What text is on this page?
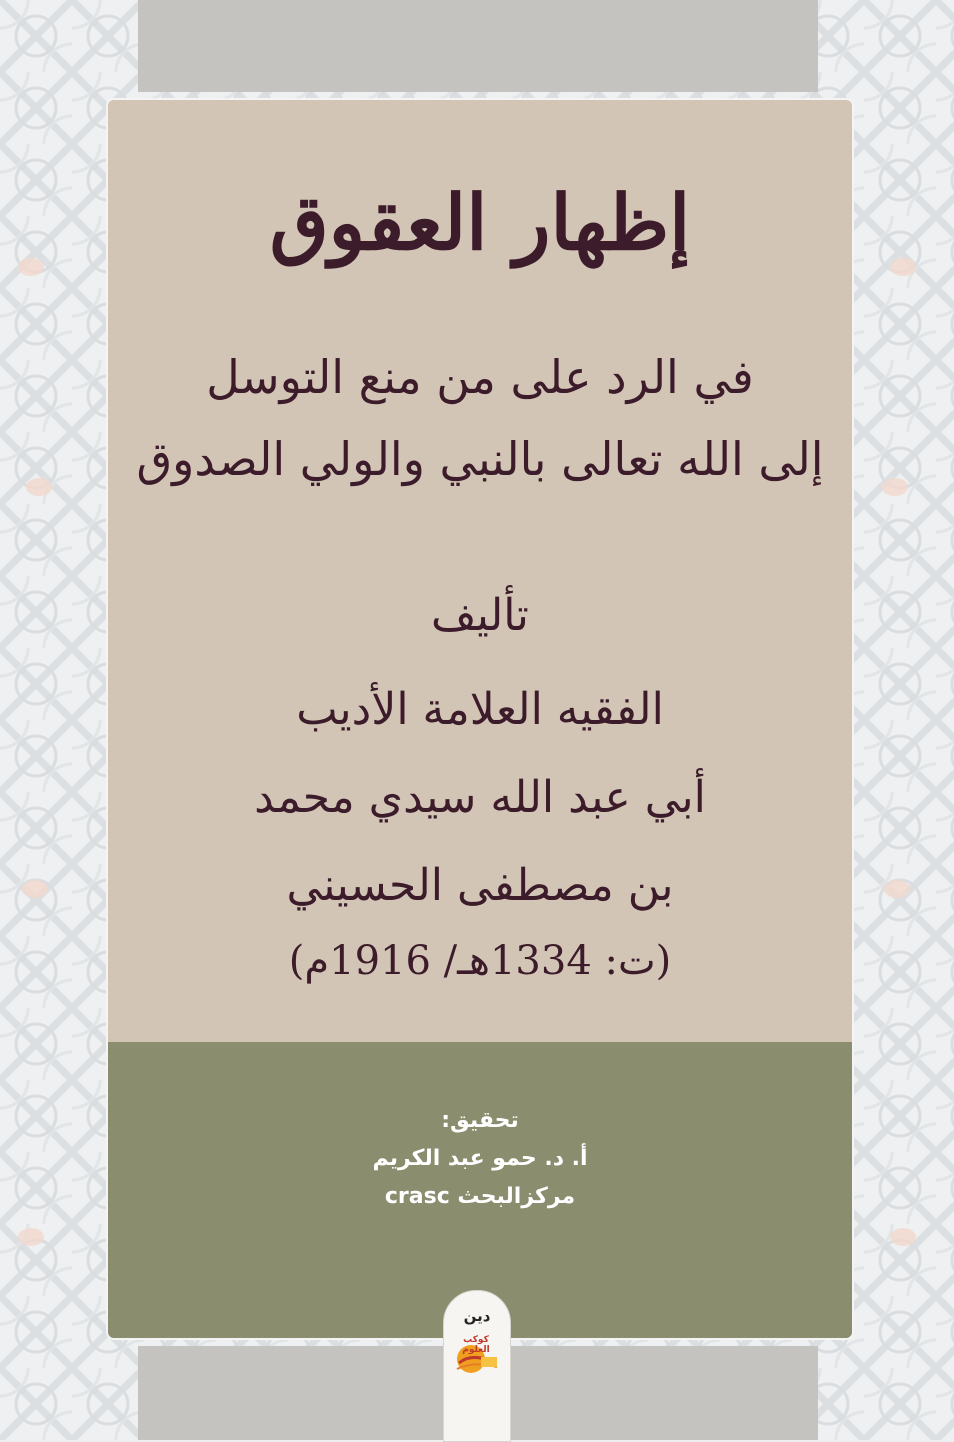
إظهار العقوق
في الرد على من منع التوسل
إلى الله تعالى بالنبي والولي الصدوق
تأليف
الفقيه العلامة الأديب
أبي عبد الله سيدي محمد
بن مصطفى الحسيني
(ت: 1334هـ/ 1916م)
تحقيق:
أ. د. حمو عبد الكريم
مركزالبحث crasc
دين
كوكب العلوم
